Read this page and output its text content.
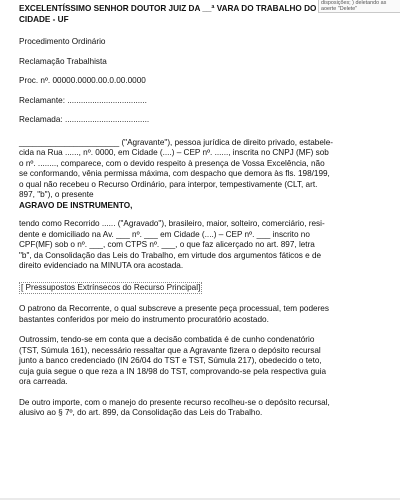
disposições; ) deletando as
aoerte "Delete"

EXCELENTÍSSIMO SENHOR DOUTOR JUIZ DA __ª VARA DO TRABALHO DO

CIDADE - UF

Procedimento Ordinário

Reclamação Trabalhista

Proc. nº. 00000.0000.00.0.00.0000

Reclamante: ...................................

Reclamada: .....................................

______________________ ("Agravante"), pessoa jurídica de direito privado, estabele-

cida na Rua ......, nº. 0000, em Cidade (....) – CEP nº. ......, inscrita no CNPJ (MF) sob

o nº. ........, comparece, com o devido respeito à presença de Vossa Excelência, não

se conformando, vênia permissa máxima, com despacho que demora às fls. 198/199,

o qual não recebeu o Recurso Ordinário, para interpor, tempestivamente (CLT, art.

897, "b"), o presente

AGRAVO DE INSTRUMENTO,

tendo como Recorrido ...... ("Agravado"), brasileiro, maior, solteiro, comerciário, resi-

dente e domiciliado na Av. ___ nº. ___ em Cidade (....) – CEP nº. ___ inscrito no

CPF(MF) sob o nº. ___, com CTPS nº. ___, o que faz alicerçado no art. 897, letra

"b", da Consolidação das Leis do Trabalho, em virtude dos argumentos fáticos e de

direito evidenciado na MINUTA ora acostada.

[ Pressupostos Extrínsecos do Recurso Principal]

O patrono da Recorrente, o qual subscreve a presente peça processual, tem poderes

bastantes conferidos por meio do instrumento procuratório acostado.

Outrossim, tendo-se em conta que a decisão combatida é de cunho condenatório

(TST, Súmula 161), necessário ressaltar que a Agravante fizera o depósito recursal

junto a banco credenciado (IN 26/04 do TST e TST, Súmula 217), obedecido o teto,

cuja guia segue o que reza a IN 18/98 do TST, comprovando-se pela respectiva guia

ora carreada.

De outro importe, com o manejo do presente recurso recolheu-se o depósito recursal,

alusivo ao § 7º, do art. 899, da Consolidação das Leis do Trabalho.
